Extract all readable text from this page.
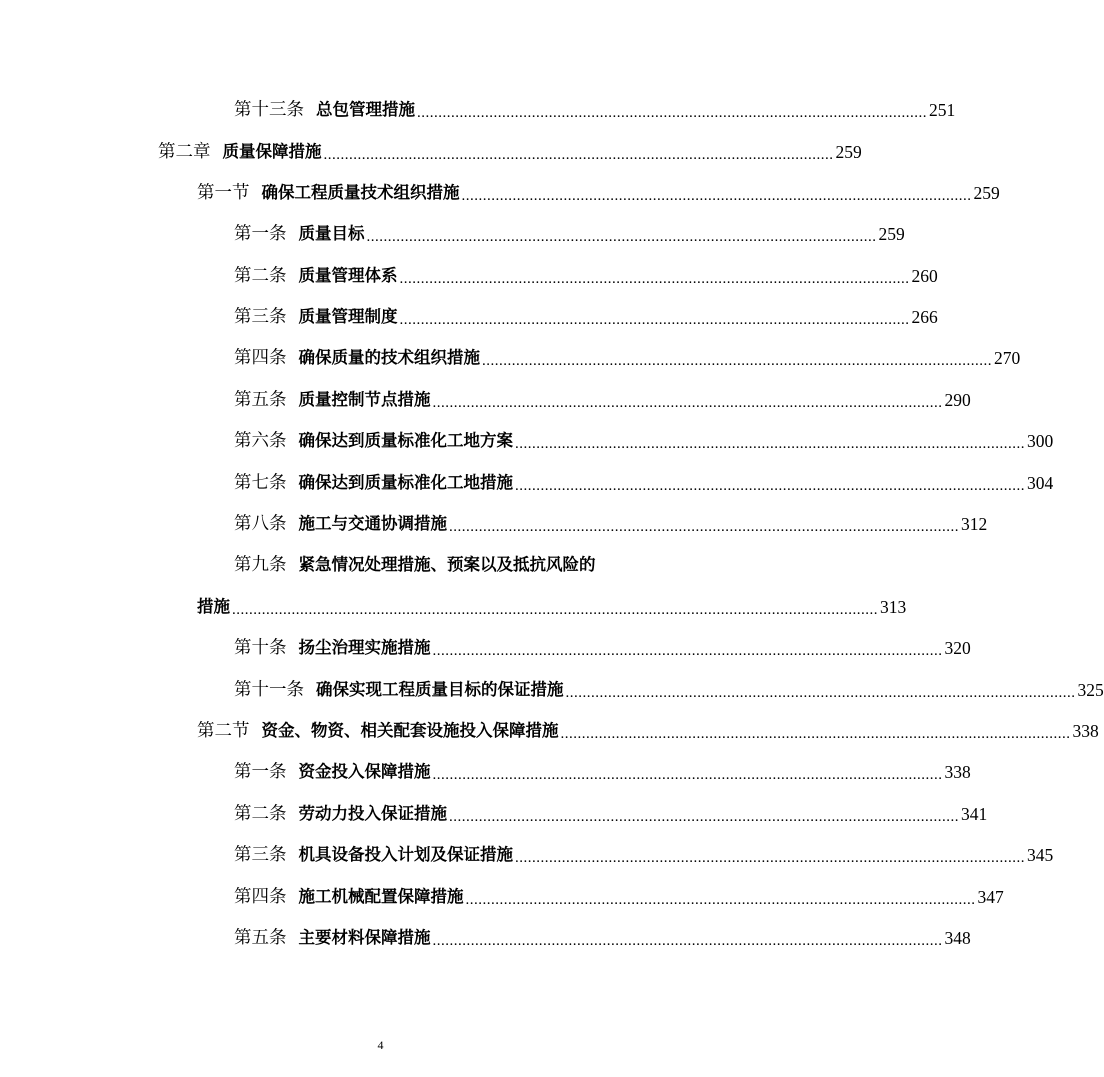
第十三条 总包管理措施 ........................................................................................................................ 251
第二章 质量保障措施 ........................................................................................................................ 259
第一节 确保工程质量技术组织措施 ........................................................................................................................ 259
第一条 质量目标 ........................................................................................................................ 259
第二条 质量管理体系 ........................................................................................................................ 260
第三条 质量管理制度 ........................................................................................................................ 266
第四条 确保质量的技术组织措施 ........................................................................................................................ 270
第五条 质量控制节点措施 ........................................................................................................................ 290
第六条 确保达到质量标准化工地方案 ........................................................................................................................ 300
第七条 确保达到质量标准化工地措施 ........................................................................................................................ 304
第八条 施工与交通协调措施 ........................................................................................................................ 312
第九条 紧急情况处理措施、预案以及抵抗风险的
措施 ........................................................................................................................................................ 313
第十条 扬尘治理实施措施 ........................................................................................................................ 320
第十一条 确保实现工程质量目标的保证措施 ........................................................................................................................ 325
第二节 资金、物资、相关配套设施投入保障措施 ........................................................................................................................ 338
第一条 资金投入保障措施 ........................................................................................................................ 338
第二条 劳动力投入保证措施 ........................................................................................................................ 341
第三条 机具设备投入计划及保证措施 ........................................................................................................................ 345
第四条 施工机械配置保障措施 ........................................................................................................................ 347
第五条 主要材料保障措施 ........................................................................................................................ 348
4
